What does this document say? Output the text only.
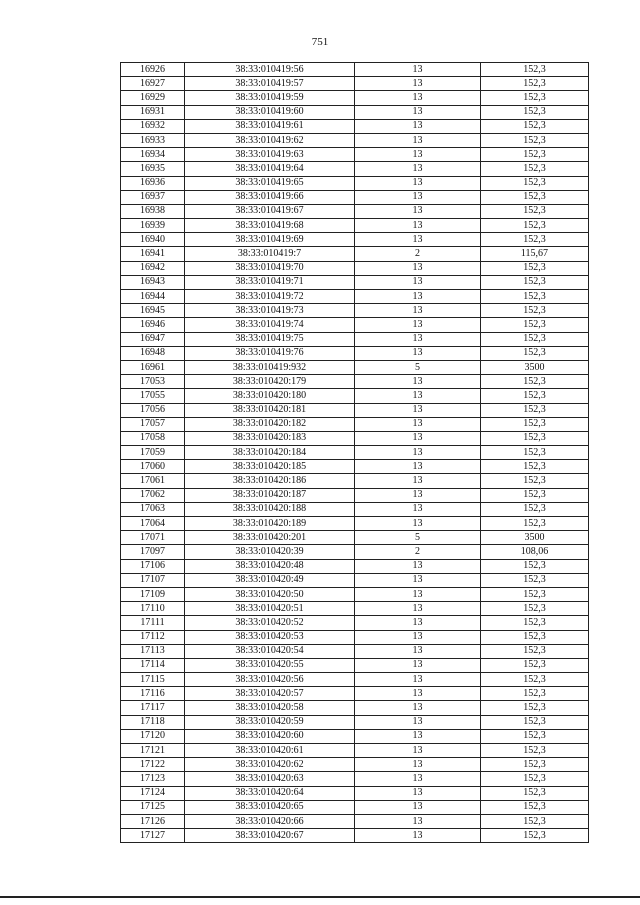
751
16926	38:33:010419:56	13	152,3
16927	38:33:010419:57	13	152,3
16929	38:33:010419:59	13	152,3
16931	38:33:010419:60	13	152,3
16932	38:33:010419:61	13	152,3
16933	38:33:010419:62	13	152,3
16934	38:33:010419:63	13	152,3
16935	38:33:010419:64	13	152,3
16936	38:33:010419:65	13	152,3
16937	38:33:010419:66	13	152,3
16938	38:33:010419:67	13	152,3
16939	38:33:010419:68	13	152,3
16940	38:33:010419:69	13	152,3
16941	38:33:010419:7	2	115,67
16942	38:33:010419:70	13	152,3
16943	38:33:010419:71	13	152,3
16944	38:33:010419:72	13	152,3
16945	38:33:010419:73	13	152,3
16946	38:33:010419:74	13	152,3
16947	38:33:010419:75	13	152,3
16948	38:33:010419:76	13	152,3
16961	38:33:010419:932	5	3500
17053	38:33:010420:179	13	152,3
17055	38:33:010420:180	13	152,3
17056	38:33:010420:181	13	152,3
17057	38:33:010420:182	13	152,3
17058	38:33:010420:183	13	152,3
17059	38:33:010420:184	13	152,3
17060	38:33:010420:185	13	152,3
17061	38:33:010420:186	13	152,3
17062	38:33:010420:187	13	152,3
17063	38:33:010420:188	13	152,3
17064	38:33:010420:189	13	152,3
17071	38:33:010420:201	5	3500
17097	38:33:010420:39	2	108,06
17106	38:33:010420:48	13	152,3
17107	38:33:010420:49	13	152,3
17109	38:33:010420:50	13	152,3
17110	38:33:010420:51	13	152,3
17111	38:33:010420:52	13	152,3
17112	38:33:010420:53	13	152,3
17113	38:33:010420:54	13	152,3
17114	38:33:010420:55	13	152,3
17115	38:33:010420:56	13	152,3
17116	38:33:010420:57	13	152,3
17117	38:33:010420:58	13	152,3
17118	38:33:010420:59	13	152,3
17120	38:33:010420:60	13	152,3
17121	38:33:010420:61	13	152,3
17122	38:33:010420:62	13	152,3
17123	38:33:010420:63	13	152,3
17124	38:33:010420:64	13	152,3
17125	38:33:010420:65	13	152,3
17126	38:33:010420:66	13	152,3
17127	38:33:010420:67	13	152,3
